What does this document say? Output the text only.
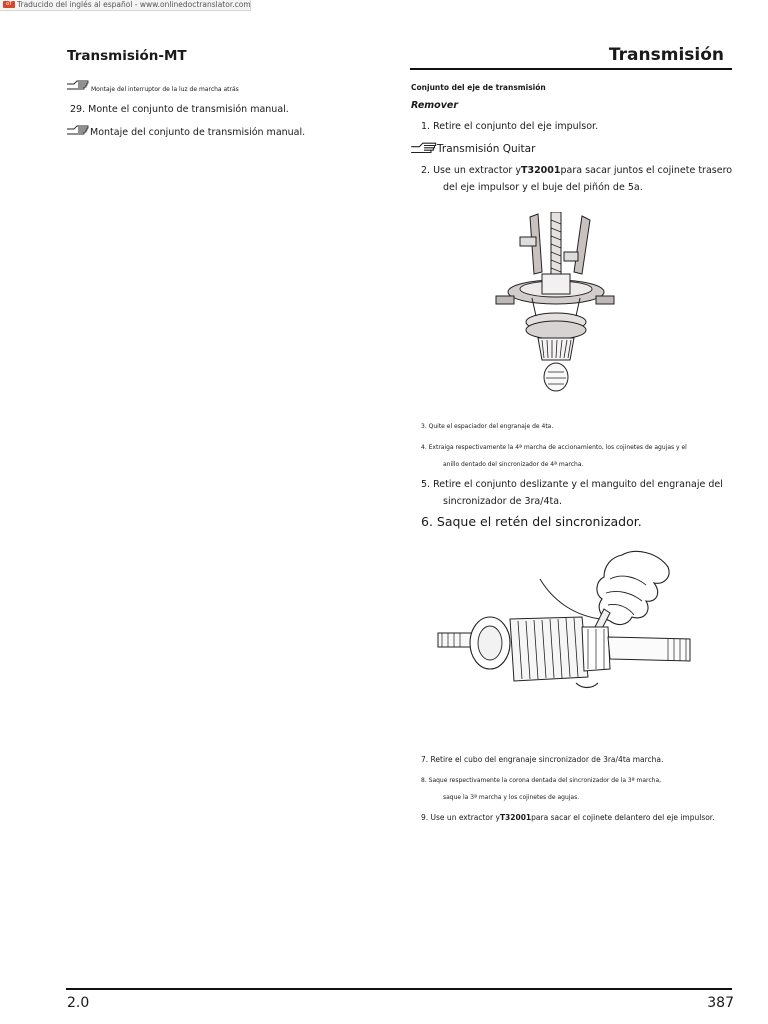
oT Traducido del inglés al español - www.onlinedoctranslator.com
Transmisión-MT	Transmisión
Montaje del interruptor de la luz de marcha atrás
29. Monte el conjunto de transmisión manual.
Montaje del conjunto de transmisión manual.
Conjunto del eje de transmisión
Remover
1. Retire el conjunto del eje impulsor.
Transmisión Quitar
2. Use un extractor yT32001para sacar juntos el cojinete trasero
del eje impulsor y el buje del piñón de 5a.
3. Quite el espaciador del engranaje de 4ta.
4. Extraiga respectivamente la 4ª marcha de accionamiento, los cojinetes de agujas y el
anillo dentado del sincronizador de 4ª marcha.
5. Retire el conjunto deslizante y el manguito del engranaje del
sincronizador de 3ra/4ta.
6. Saque el retén del sincronizador.
7. Retire el cubo del engranaje sincronizador de 3ra/4ta marcha.
8. Saque respectivamente la corona dentada del sincronizador de la 3ª marcha,
saque la 3ª marcha y los cojinetes de agujas.
9. Use un extractor yT32001para sacar el cojinete delantero del eje impulsor.
2.0	387
